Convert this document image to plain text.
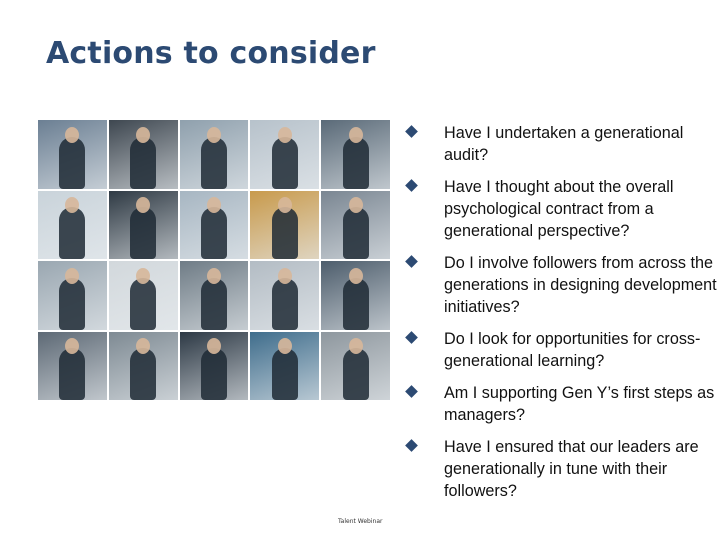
Actions to consider
Talent Webinar
Have I undertaken a generational audit?
Have I thought about the overall psychological contract from a generational perspective?
Do I involve followers from across the generations in designing development initiatives?
Do I look for opportunities for cross-generational learning?
Am I supporting Gen Y’s first steps as managers?
Have I ensured that our leaders are generationally in tune with their followers?
